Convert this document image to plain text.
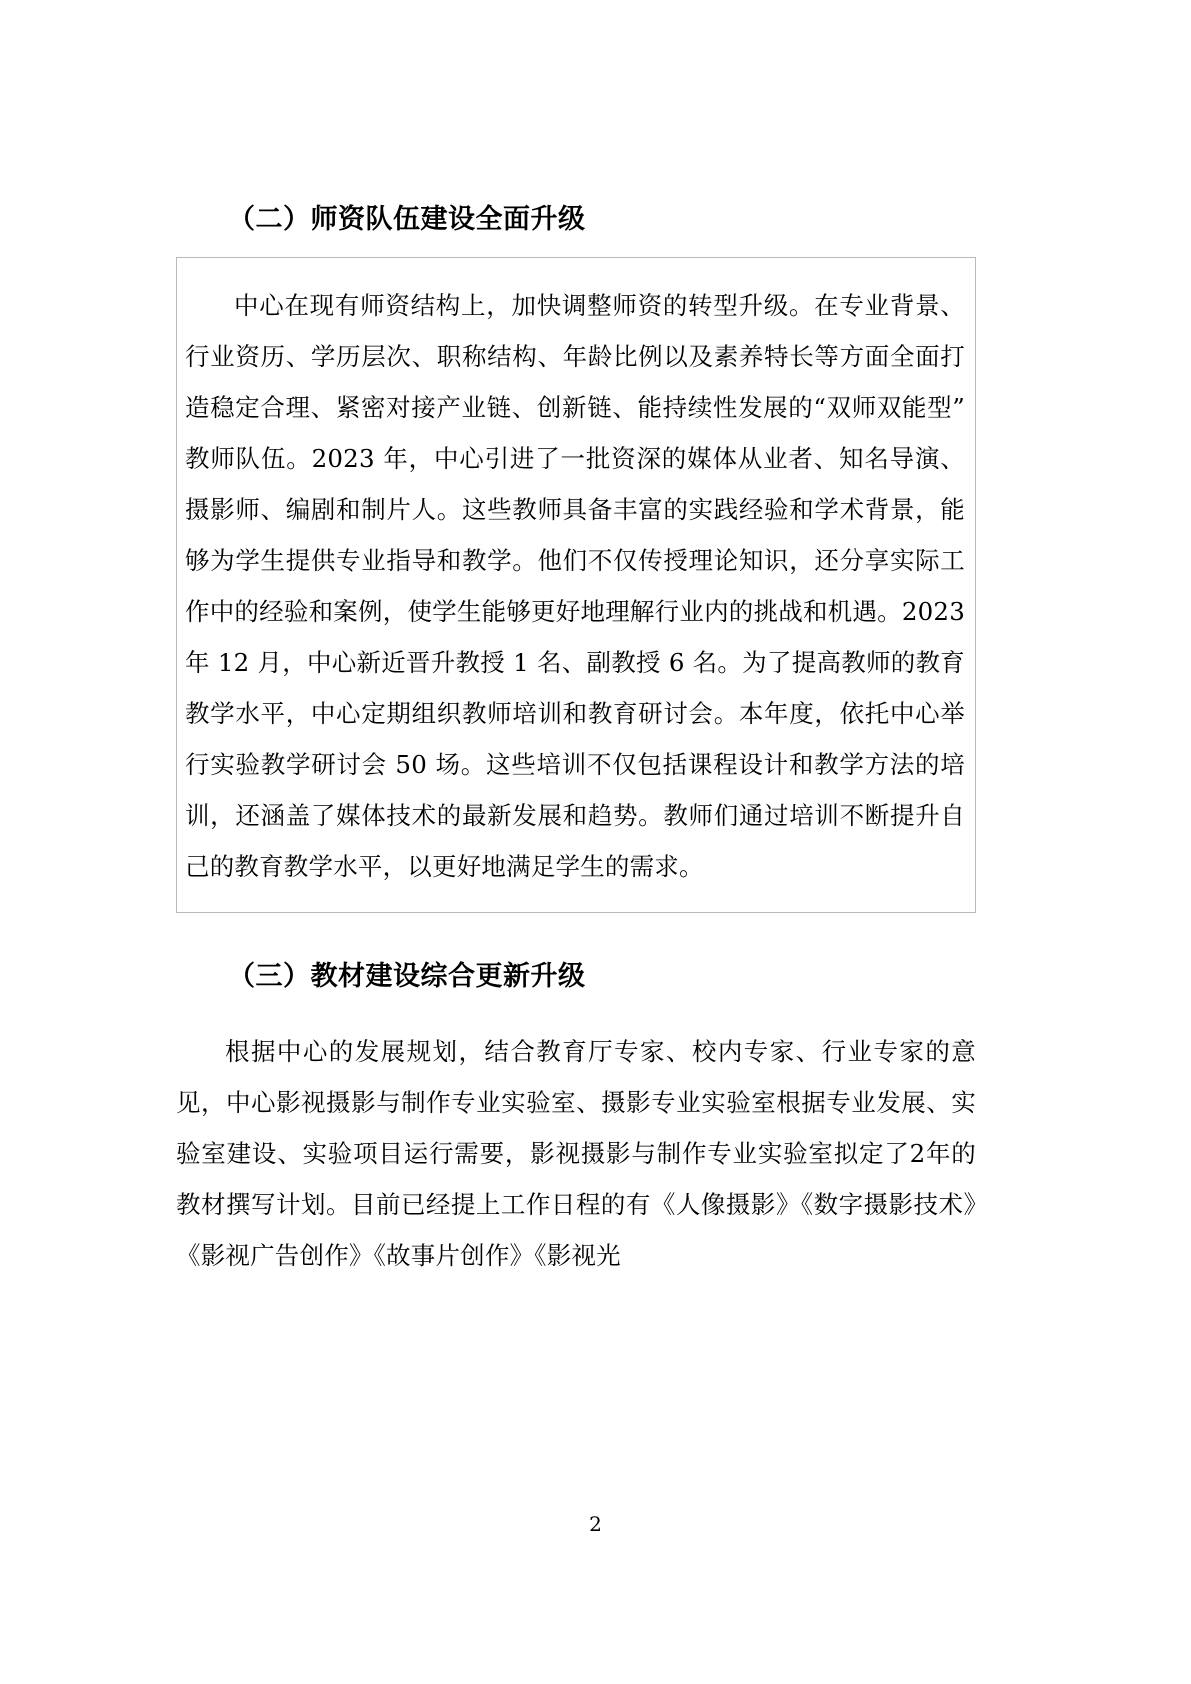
（二）师资队伍建设全面升级

中心在现有师资结构上，加快调整师资的转型升级。在专业背景、行业资历、学历层次、职称结构、年龄比例以及素养特长等方面全面打造稳定合理、紧密对接产业链、创新链、能持续性发展的“双师双能型”教师队伍。2023 年，中心引进了一批资深的媒体从业者、知名导演、摄影师、编剧和制片人。这些教师具备丰富的实践经验和学术背景，能够为学生提供专业指导和教学。他们不仅传授理论知识，还分享实际工作中的经验和案例，使学生能够更好地理解行业内的挑战和机遇。2023 年 12 月，中心新近晋升教授 1 名、副教授 6 名。为了提高教师的教育教学水平，中心定期组织教师培训和教育研讨会。本年度，依托中心举行实验教学研讨会 50 场。这些培训不仅包括课程设计和教学方法的培训，还涵盖了媒体技术的最新发展和趋势。教师们通过培训不断提升自己的教育教学水平，以更好地满足学生的需求。

（三）教材建设综合更新升级

根据中心的发展规划，结合教育厅专家、校内专家、行业专家的意见，中心影视摄影与制作专业实验室、摄影专业实验室根据专业发展、实验室建设、实验项目运行需要，影视摄影与制作专业实验室拟定了2年的教材撰写计划。目前已经提上工作日程的有《人像摄影》《数字摄影技术》《影视广告创作》《故事片创作》《影视光

2
